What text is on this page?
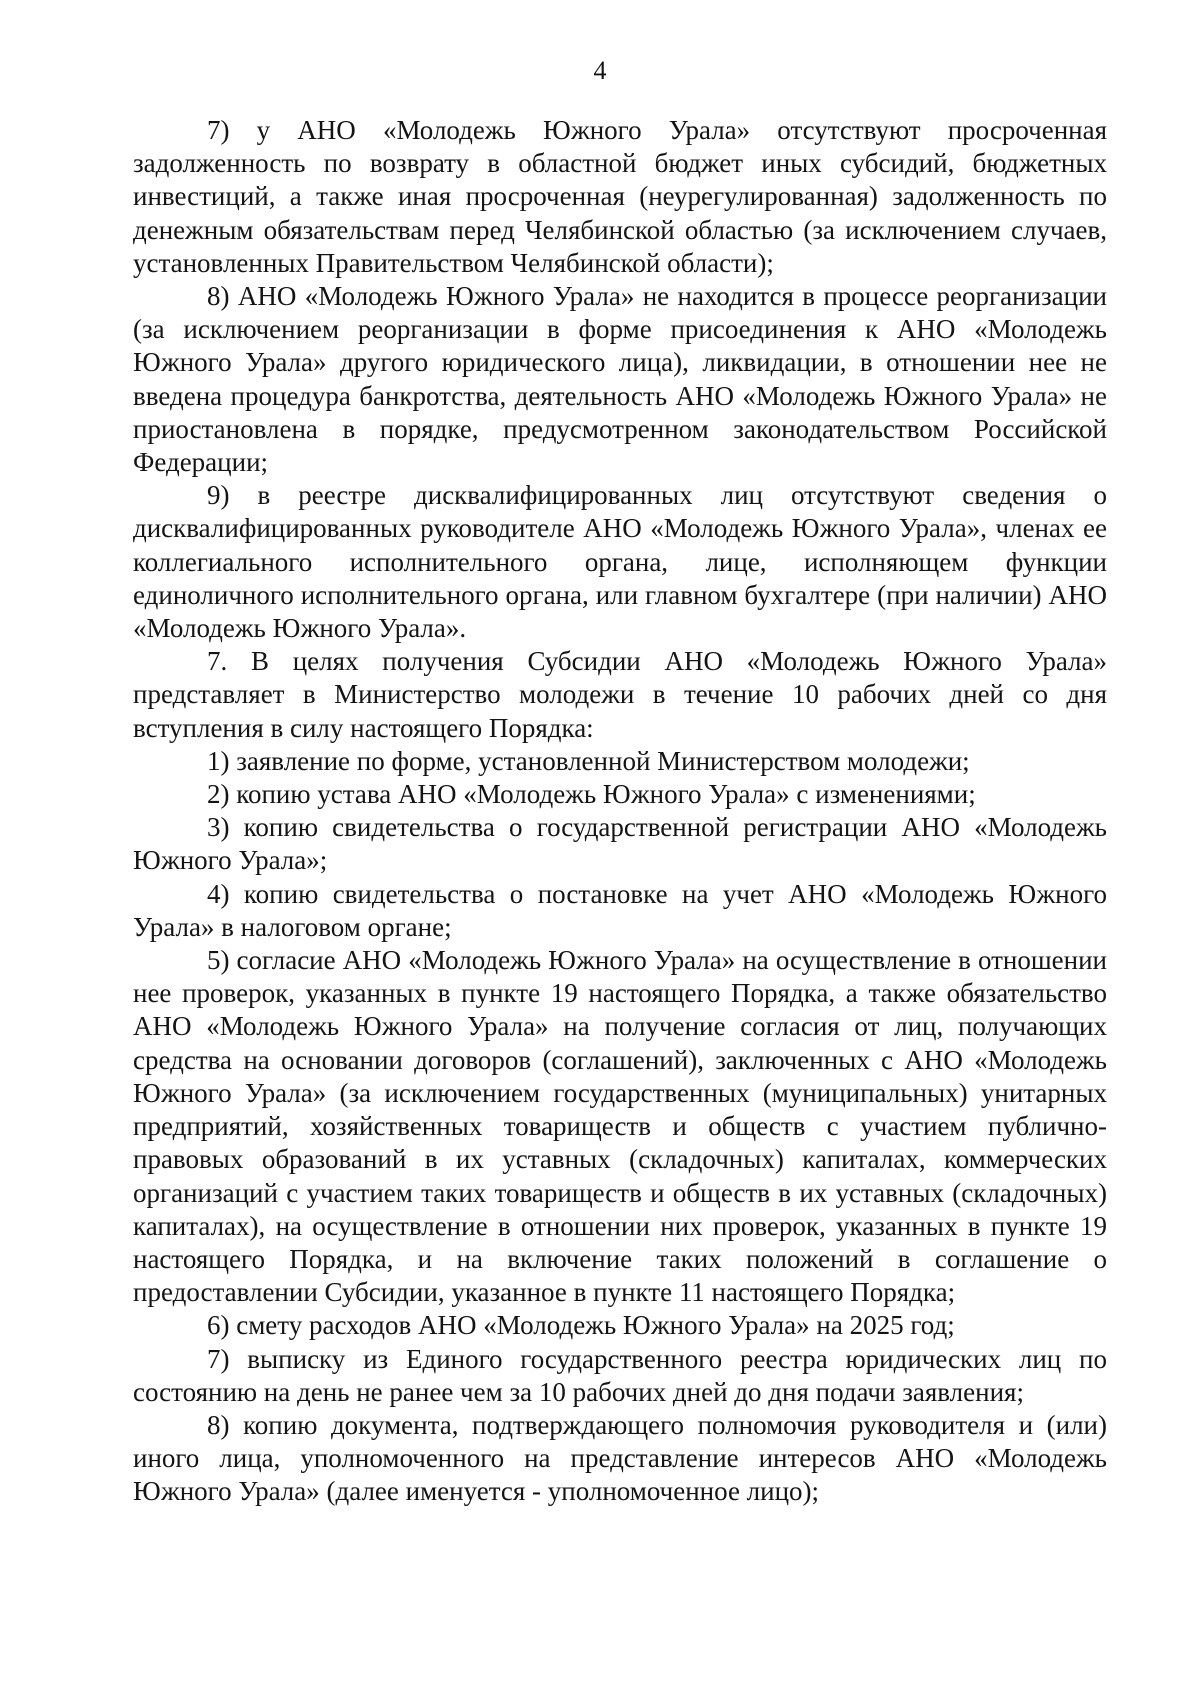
4

7) у АНО «Молодежь Южного Урала» отсутствуют просроченная задолженность по возврату в областной бюджет иных субсидий, бюджетных инвестиций, а также иная просроченная (неурегулированная) задолженность по денежным обязательствам перед Челябинской областью (за исключением случаев, установленных Правительством Челябинской области);

8) АНО «Молодежь Южного Урала» не находится в процессе реорганизации (за исключением реорганизации в форме присоединения к АНО «Молодежь Южного Урала» другого юридического лица), ликвидации, в отношении нее не введена процедура банкротства, деятельность АНО «Молодежь Южного Урала» не приостановлена в порядке, предусмотренном законодательством Российской Федерации;

9) в реестре дисквалифицированных лиц отсутствуют сведения о дисквалифицированных руководителе АНО «Молодежь Южного Урала», членах ее коллегиального исполнительного органа, лице, исполняющем функции единоличного исполнительного органа, или главном бухгалтере (при наличии) АНО «Молодежь Южного Урала».

7. В целях получения Субсидии АНО «Молодежь Южного Урала» представляет в Министерство молодежи в течение 10 рабочих дней со дня вступления в силу настоящего Порядка:

1) заявление по форме, установленной Министерством молодежи;

2) копию устава АНО «Молодежь Южного Урала» с изменениями;

3) копию свидетельства о государственной регистрации АНО «Молодежь Южного Урала»;

4) копию свидетельства о постановке на учет АНО «Молодежь Южного Урала» в налоговом органе;

5) согласие АНО «Молодежь Южного Урала» на осуществление в отношении нее проверок, указанных в пункте 19 настоящего Порядка, а также обязательство АНО «Молодежь Южного Урала» на получение согласия от лиц, получающих средства на основании договоров (соглашений), заключенных с АНО «Молодежь Южного Урала» (за исключением государственных (муниципальных) унитарных предприятий, хозяйственных товариществ и обществ с участием публично-правовых образований в их уставных (складочных) капиталах, коммерческих организаций с участием таких товариществ и обществ в их уставных (складочных) капиталах), на осуществление в отношении них проверок, указанных в пункте 19 настоящего Порядка, и на включение таких положений в соглашение о предоставлении Субсидии, указанное в пункте 11 настоящего Порядка;

6) смету расходов АНО «Молодежь Южного Урала» на 2025 год;

7) выписку из Единого государственного реестра юридических лиц по состоянию на день не ранее чем за 10 рабочих дней до дня подачи заявления;

8) копию документа, подтверждающего полномочия руководителя и (или) иного лица, уполномоченного на представление интересов АНО «Молодежь Южного Урала» (далее именуется - уполномоченное лицо);
